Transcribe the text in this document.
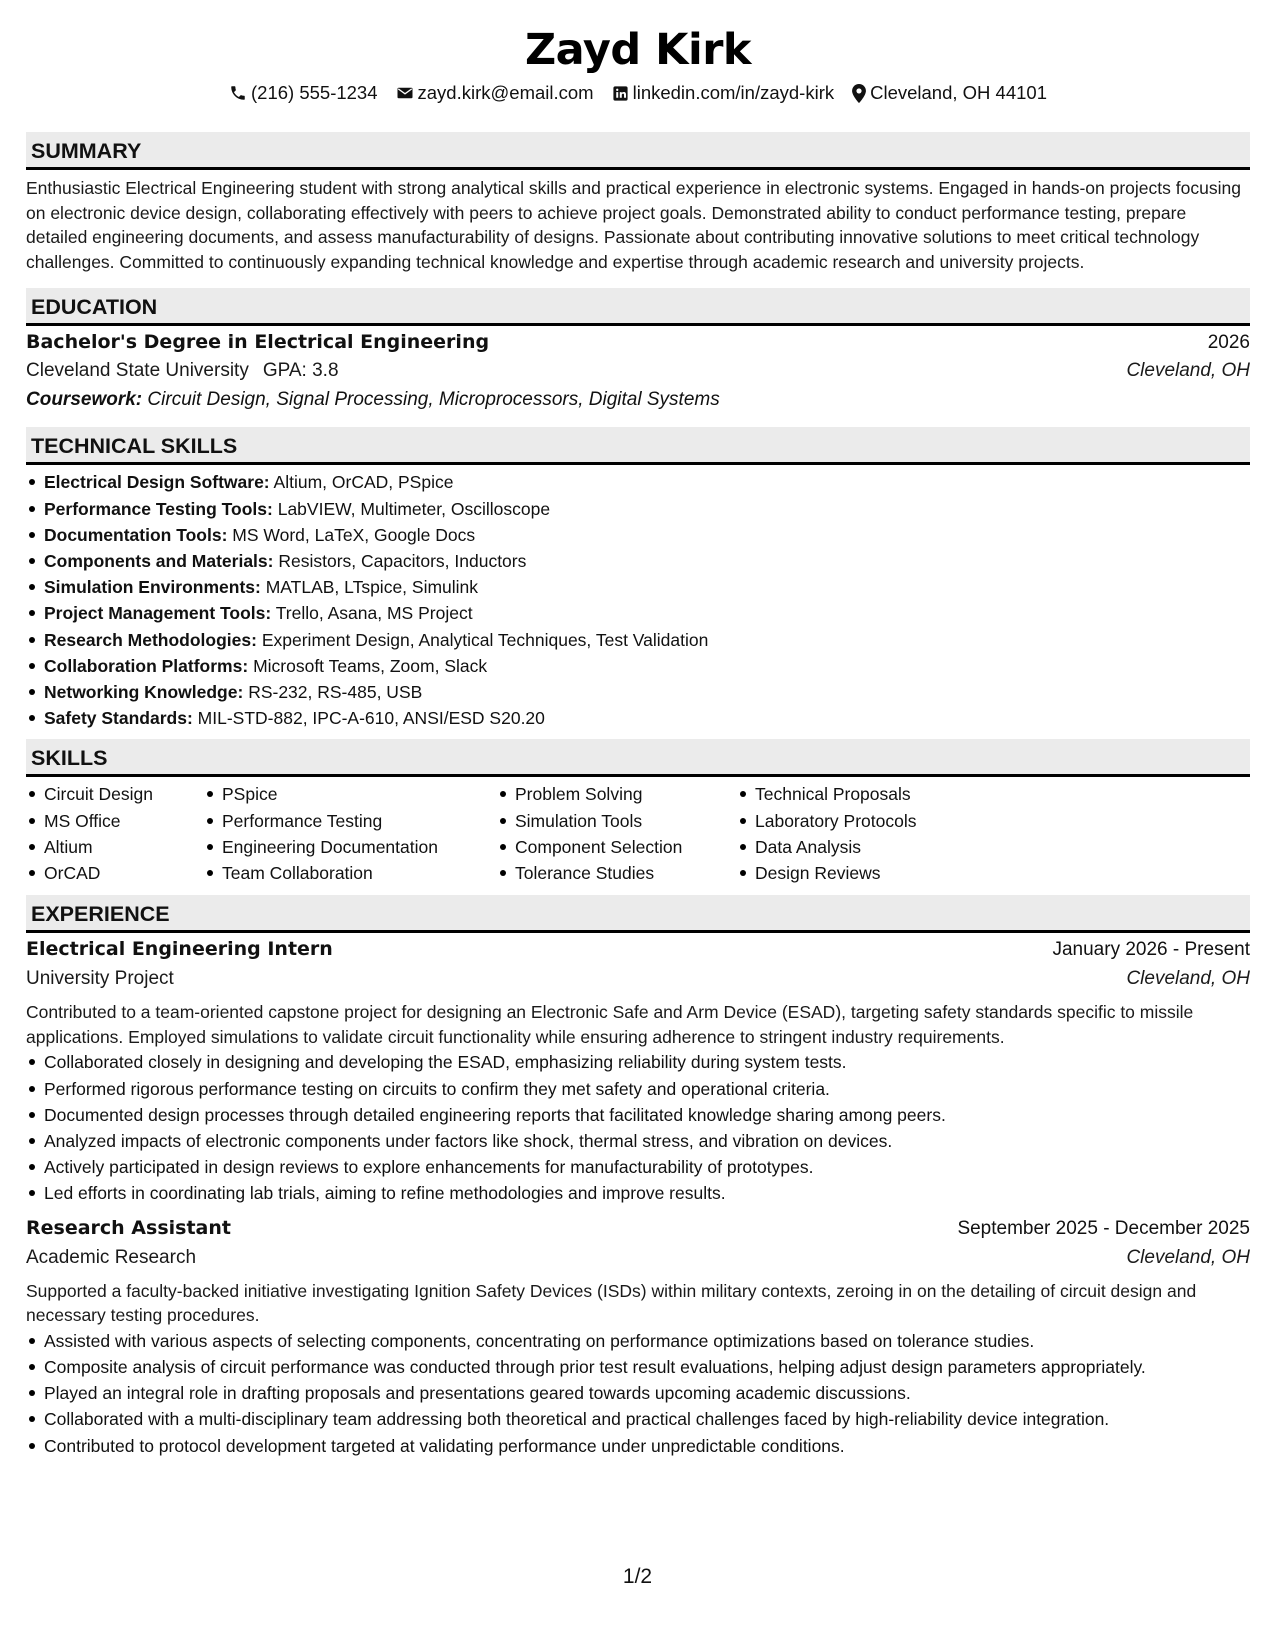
Zayd Kirk
(216) 555-1234 zayd.kirk@email.com linkedin.com/in/zayd-kirk Cleveland, OH 44101
SUMMARY
Enthusiastic Electrical Engineering student with strong analytical skills and practical experience in electronic systems. Engaged in hands-on projects focusing on electronic device design, collaborating effectively with peers to achieve project goals. Demonstrated ability to conduct performance testing, prepare detailed engineering documents, and assess manufacturability of designs. Passionate about contributing innovative solutions to meet critical technology challenges. Committed to continuously expanding technical knowledge and expertise through academic research and university projects.
EDUCATION
Bachelor's Degree in Electrical Engineering	2026
Cleveland State University GPA: 3.8	Cleveland, OH
Coursework: Circuit Design, Signal Processing, Microprocessors, Digital Systems
TECHNICAL SKILLS
Electrical Design Software: Altium, OrCAD, PSpice
Performance Testing Tools: LabVIEW, Multimeter, Oscilloscope
Documentation Tools: MS Word, LaTeX, Google Docs
Components and Materials: Resistors, Capacitors, Inductors
Simulation Environments: MATLAB, LTspice, Simulink
Project Management Tools: Trello, Asana, MS Project
Research Methodologies: Experiment Design, Analytical Techniques, Test Validation
Collaboration Platforms: Microsoft Teams, Zoom, Slack
Networking Knowledge: RS-232, RS-485, USB
Safety Standards: MIL-STD-882, IPC-A-610, ANSI/ESD S20.20
SKILLS
Circuit Design
MS Office
Altium
OrCAD
PSpice
Performance Testing
Engineering Documentation
Team Collaboration
Problem Solving
Simulation Tools
Component Selection
Tolerance Studies
Technical Proposals
Laboratory Protocols
Data Analysis
Design Reviews
EXPERIENCE
Electrical Engineering Intern	January 2026 - Present
University Project	Cleveland, OH
Contributed to a team-oriented capstone project for designing an Electronic Safe and Arm Device (ESAD), targeting safety standards specific to missile applications. Employed simulations to validate circuit functionality while ensuring adherence to stringent industry requirements.
Collaborated closely in designing and developing the ESAD, emphasizing reliability during system tests.
Performed rigorous performance testing on circuits to confirm they met safety and operational criteria.
Documented design processes through detailed engineering reports that facilitated knowledge sharing among peers.
Analyzed impacts of electronic components under factors like shock, thermal stress, and vibration on devices.
Actively participated in design reviews to explore enhancements for manufacturability of prototypes.
Led efforts in coordinating lab trials, aiming to refine methodologies and improve results.
Research Assistant	September 2025 - December 2025
Academic Research	Cleveland, OH
Supported a faculty-backed initiative investigating Ignition Safety Devices (ISDs) within military contexts, zeroing in on the detailing of circuit design and necessary testing procedures.
Assisted with various aspects of selecting components, concentrating on performance optimizations based on tolerance studies.
Composite analysis of circuit performance was conducted through prior test result evaluations, helping adjust design parameters appropriately.
Played an integral role in drafting proposals and presentations geared towards upcoming academic discussions.
Collaborated with a multi-disciplinary team addressing both theoretical and practical challenges faced by high-reliability device integration.
Contributed to protocol development targeted at validating performance under unpredictable conditions.
1/2
